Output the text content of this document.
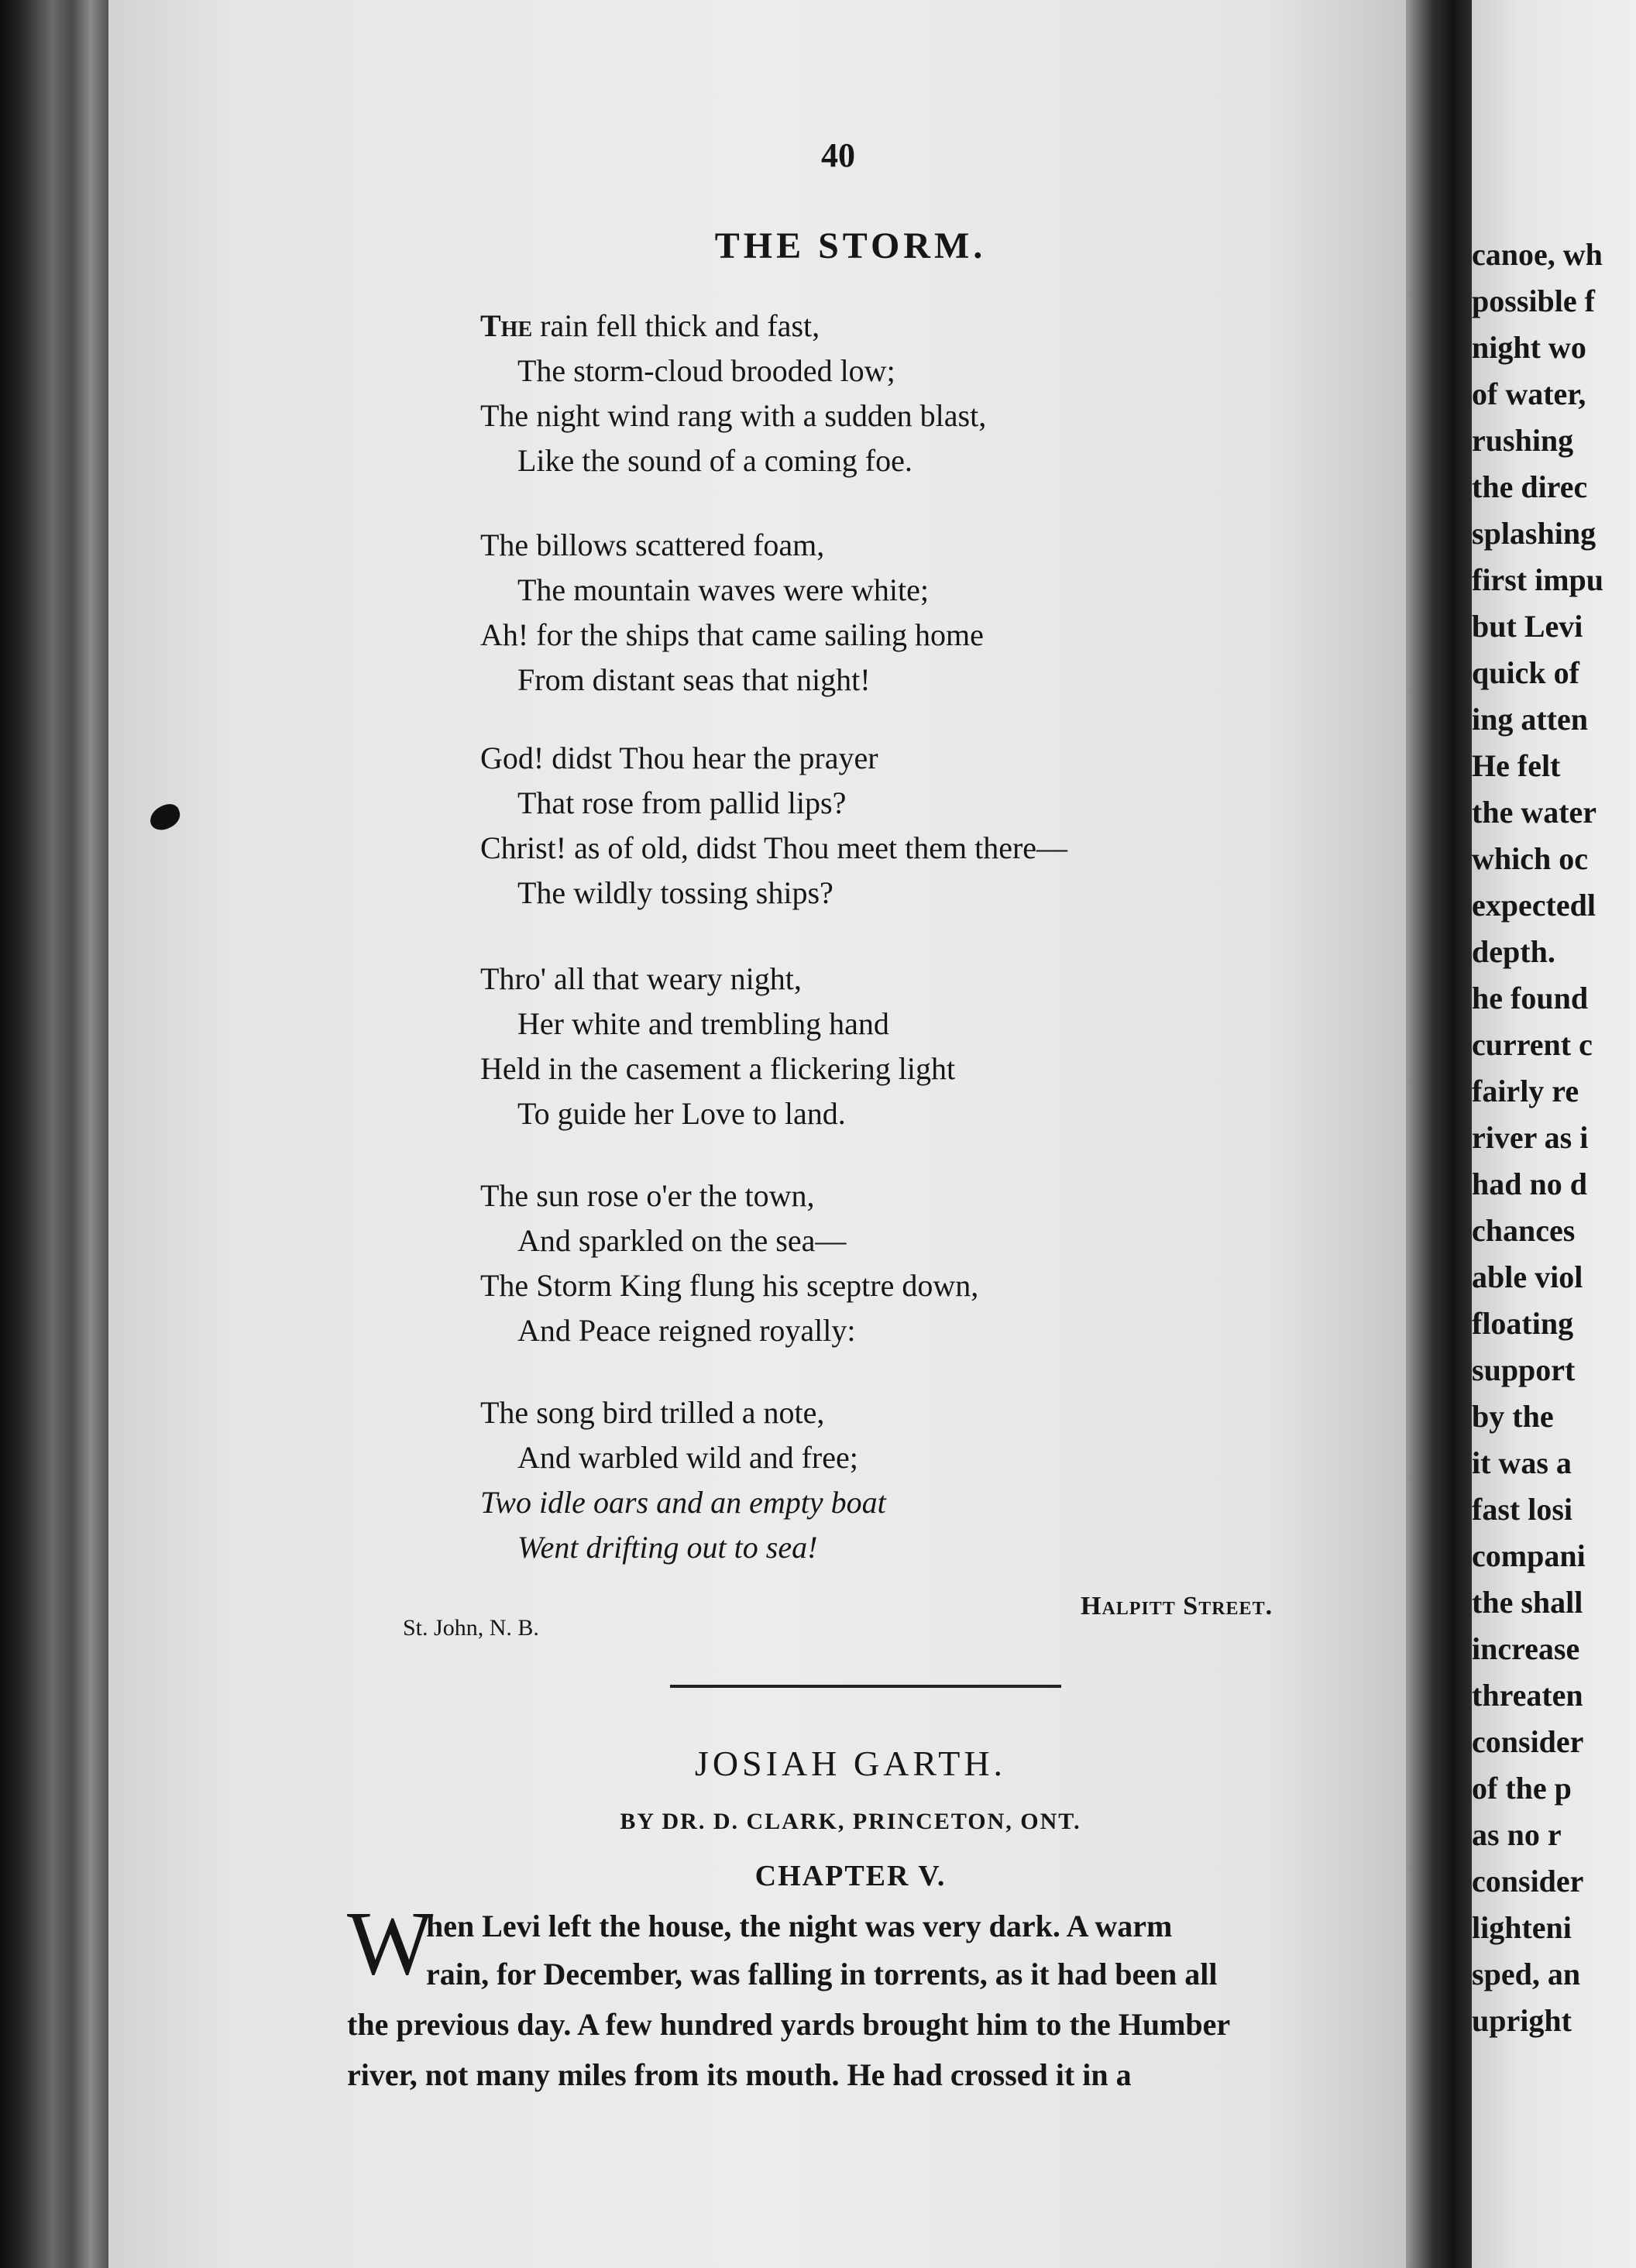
40
THE STORM.
The rain fell thick and fast,
The storm-cloud brooded low;
The night wind rang with a sudden blast,
Like the sound of a coming foe.
The billows scattered foam,
The mountain waves were white;
Ah! for the ships that came sailing home
From distant seas that night!
God! didst Thou hear the prayer
That rose from pallid lips?
Christ! as of old, didst Thou meet them there—
The wildly tossing ships?
Thro' all that weary night,
Her white and trembling hand
Held in the casement a flickering light
To guide her Love to land.
The sun rose o'er the town,
And sparkled on the sea—
The Storm King flung his sceptre down,
And Peace reigned royally:
The song bird trilled a note,
And warbled wild and free;
Two idle oars and an empty boat
Went drifting out to sea!
Halpitt Street.
St. John, N. B.
JOSIAH GARTH.
BY DR. D. CLARK, PRINCETON, ONT.
CHAPTER V.
W
hen Levi left the house, the night was very dark. A warm
rain, for December, was falling in torrents, as it had been all
the previous day. A few hundred yards brought him to the Humber
river, not many miles from its mouth. He had crossed it in a
canoe, wh
possible f
night wo
of water,
rushing
the direc
splashing
first impu
but Levi
quick of
ing atten
He felt
the water
which oc
expectedl
depth.
he found
current c
fairly re
river as i
had no d
chances
able viol
floating
support
by the
it was a
fast losi
compani
the shall
increase
threaten
consider
of the p
as no r
consider
lighteni
sped, an
upright
